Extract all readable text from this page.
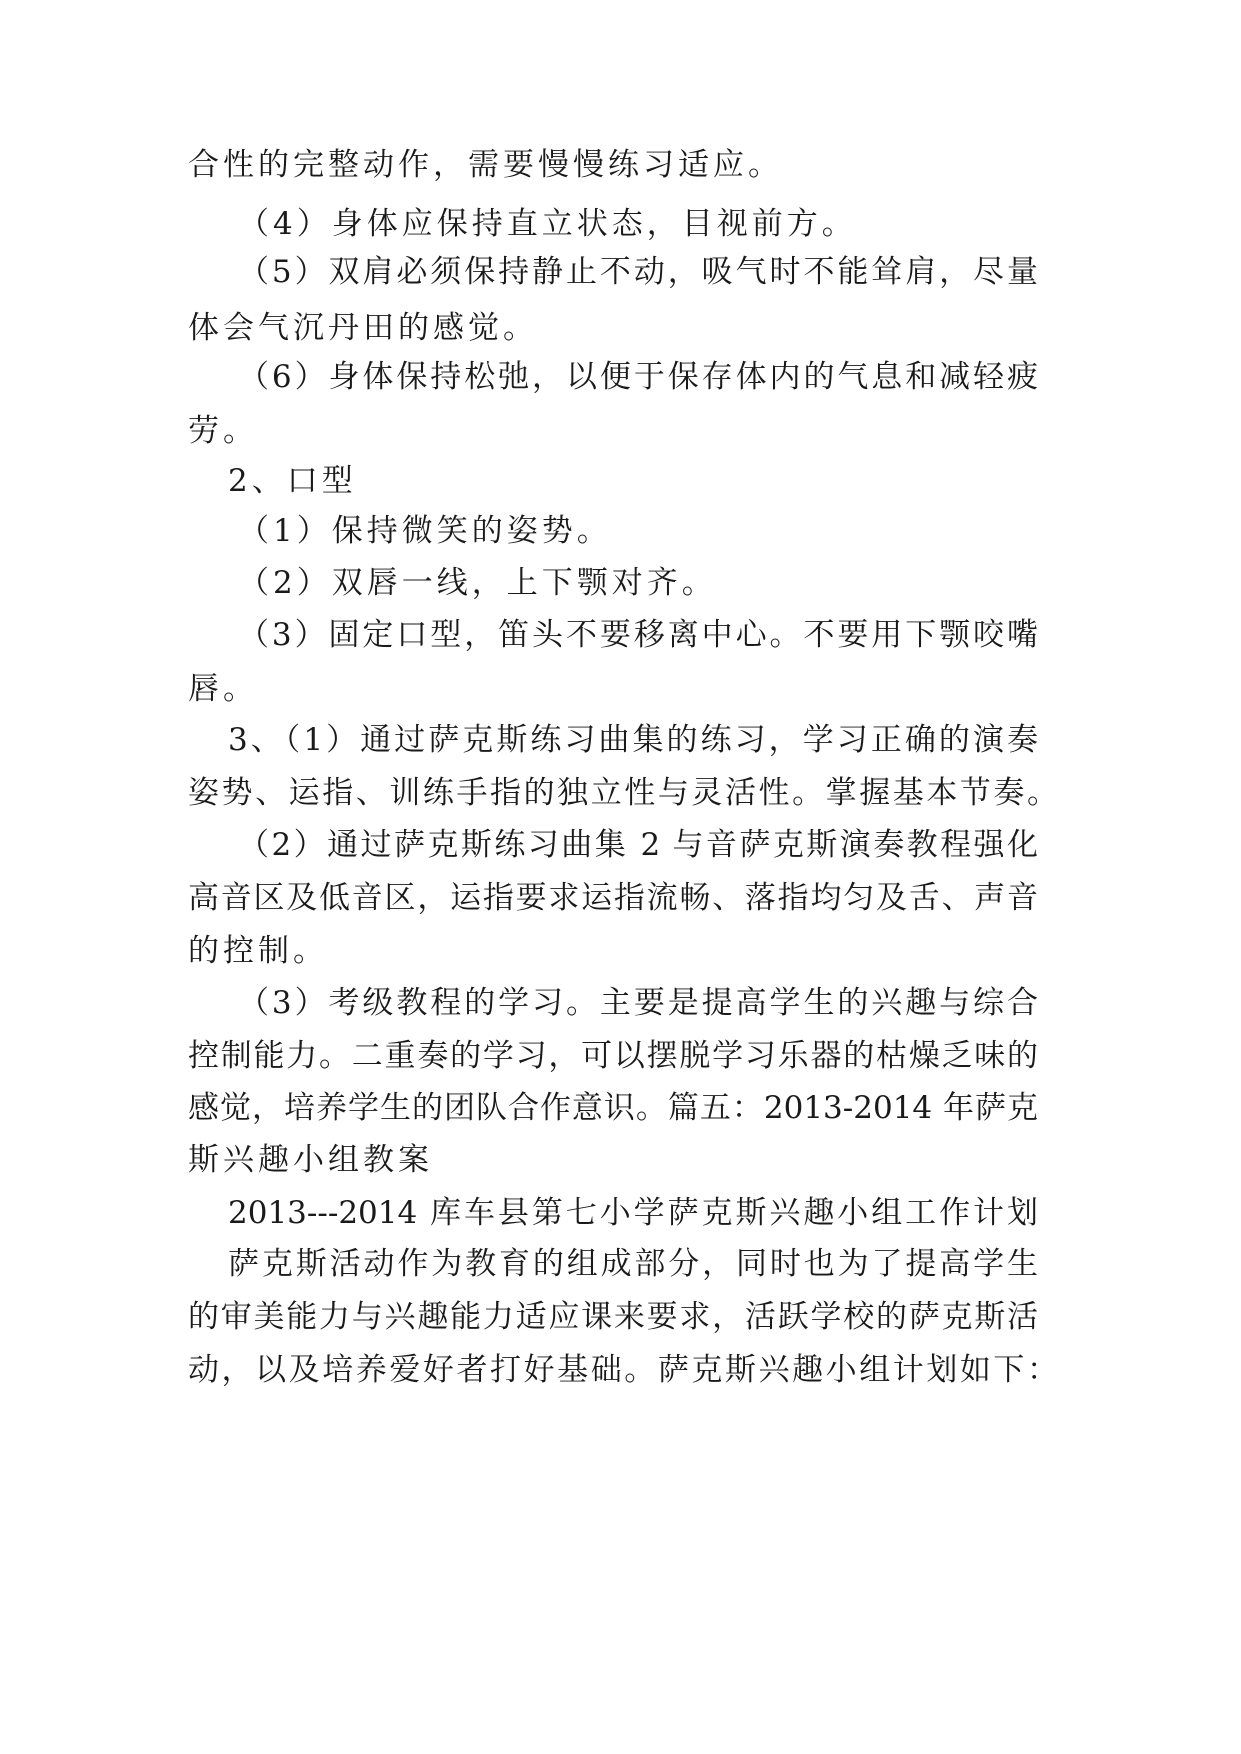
合性的完整动作，需要慢慢练习适应。
（4）身体应保持直立状态，目视前方。
（5）双肩必须保持静止不动，吸气时不能耸肩，尽量
体会气沉丹田的感觉。
（6）身体保持松弛，以便于保存体内的气息和减轻疲
劳。
2、口型
（1）保持微笑的姿势。
（2）双唇一线，上下颚对齐。
（3）固定口型，笛头不要移离中心。不要用下颚咬嘴
唇。
3、（1）通过萨克斯练习曲集的练习，学习正确的演奏
姿势、运指、训练手指的独立性与灵活性。掌握基本节奏。
（2）通过萨克斯练习曲集 2 与音萨克斯演奏教程强化
高音区及低音区，运指要求运指流畅、落指均匀及舌、声音
的控制。
（3）考级教程的学习。主要是提高学生的兴趣与综合
控制能力。二重奏的学习，可以摆脱学习乐器的枯燥乏味的
感觉，培养学生的团队合作意识。篇五：2013-2014 年萨克
斯兴趣小组教案
2013---2014 库车县第七小学萨克斯兴趣小组工作计划
萨克斯活动作为教育的组成部分，同时也为了提高学生
的审美能力与兴趣能力适应课来要求，活跃学校的萨克斯活
动，以及培养爱好者打好基础。萨克斯兴趣小组计划如下：
